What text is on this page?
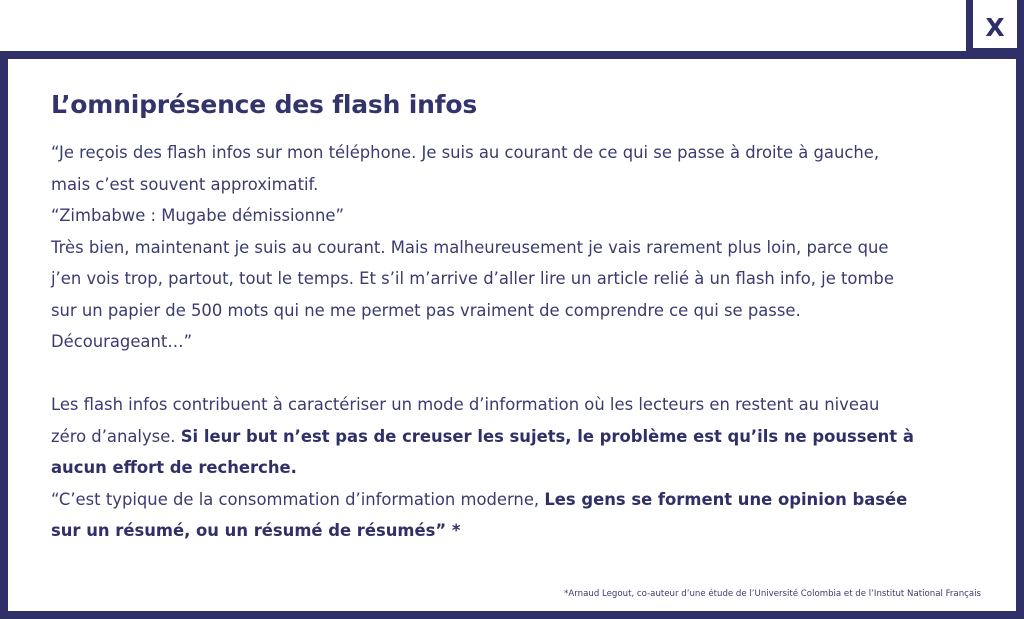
L’omniprésence des flash infos

“Je reçois des flash infos sur mon téléphone. Je suis au courant de ce qui se passe à droite à gauche,

mais c’est souvent approximatif.

“Zimbabwe : Mugabe démissionne”

Très bien, maintenant je suis au courant. Mais malheureusement je vais rarement plus loin, parce que

j’en vois trop, partout, tout le temps. Et s’il m’arrive d’aller lire un article relié à un flash info, je tombe

sur un papier de 500 mots qui ne me permet pas vraiment de comprendre ce qui se passe.

Décourageant…”

Les flash infos contribuent à caractériser un mode d’information où les lecteurs en restent au niveau

zéro d’analyse. Si leur but n’est pas de creuser les sujets, le problème est qu’ils ne poussent à

aucun effort de recherche.

“C’est typique de la consommation d’information moderne, Les gens se forment une opinion basée

sur un résumé, ou un résumé de résumés” *

*Arnaud Legout, co-auteur d’une étude de l’Université Colombia et de l’Institut National Français
X
